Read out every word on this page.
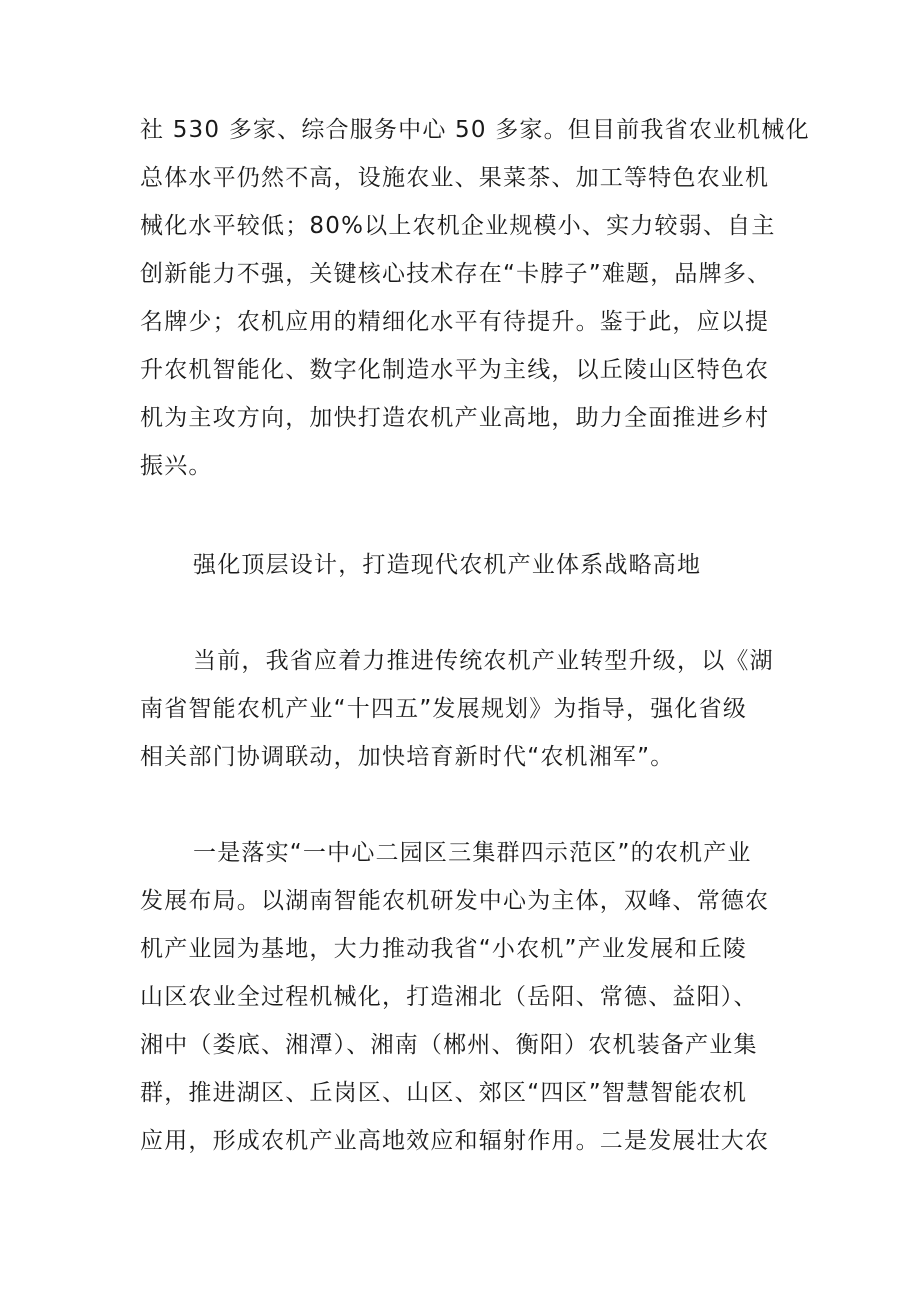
社 530 多家、综合服务中心 50 多家。但目前我省农业机械化
总体水平仍然不高，设施农业、果菜茶、加工等特色农业机
械化水平较低；80%以上农机企业规模小、实力较弱、自主
创新能力不强，关键核心技术存在“卡脖子”难题，品牌多、
名牌少；农机应用的精细化水平有待提升。鉴于此，应以提
升农机智能化、数字化制造水平为主线，以丘陵山区特色农
机为主攻方向，加快打造农机产业高地，助力全面推进乡村
振兴。
强化顶层设计，打造现代农机产业体系战略高地
当前，我省应着力推进传统农机产业转型升级，以《湖
南省智能农机产业“十四五”发展规划》为指导，强化省级
相关部门协调联动，加快培育新时代“农机湘军”。
一是落实“一中心二园区三集群四示范区”的农机产业
发展布局。以湖南智能农机研发中心为主体，双峰、常德农
机产业园为基地，大力推动我省“小农机”产业发展和丘陵
山区农业全过程机械化，打造湘北（岳阳、常德、益阳）、
湘中（娄底、湘潭）、湘南（郴州、衡阳）农机装备产业集
群，推进湖区、丘岗区、山区、郊区“四区”智慧智能农机
应用，形成农机产业高地效应和辐射作用。二是发展壮大农
